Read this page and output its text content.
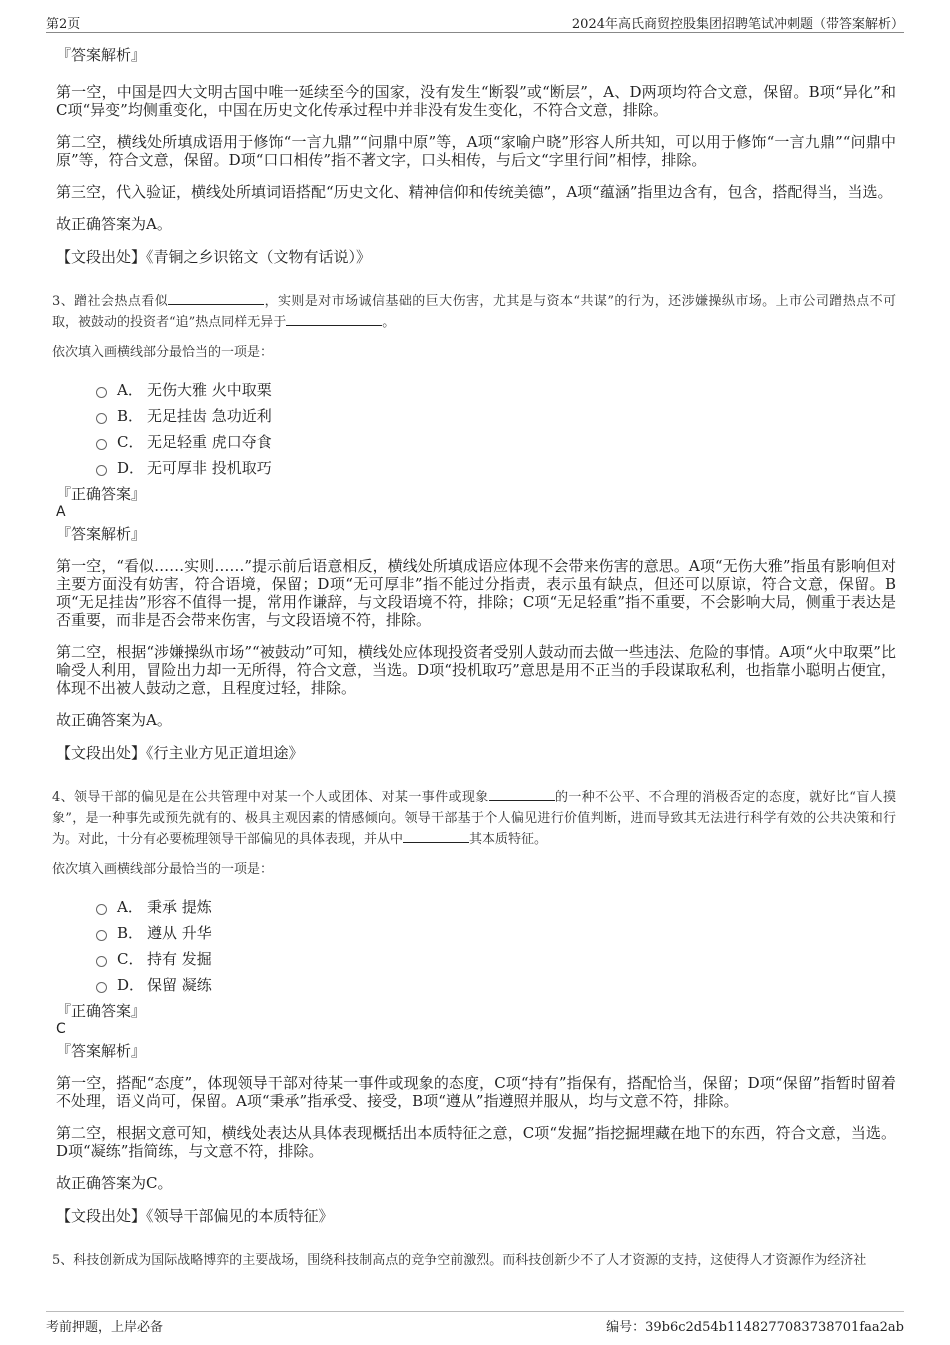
第2页	2024年高氏商贸控股集团招聘笔试冲刺题（带答案解析）
『答案解析』

第一空，中国是四大文明古国中唯一延续至今的国家，没有发生“断裂”或“断层”，A、D两项均符合文意，保留。B项“异化”和C项“异变”均侧重变化，中国在历史文化传承过程中并非没有发生变化，不符合文意，排除。

第二空，横线处所填成语用于修饰“一言九鼎”“问鼎中原”等，A项“家喻户晓”形容人所共知，可以用于修饰“一言九鼎”“问鼎中原”等，符合文意，保留。D项“口口相传”指不著文字，口头相传，与后文“字里行间”相悖，排除。

第三空，代入验证，横线处所填词语搭配“历史文化、精神信仰和传统美德”，A项“蕴涵”指里边含有，包含，搭配得当，当选。

故正确答案为A。

【文段出处】《青铜之乡识铭文（文物有话说）》

3、蹭社会热点看似	，实则是对市场诚信基础的巨大伤害，尤其是与资本“共谋”的行为，还涉嫌操纵市场。上市公司蹭热点不可取，被鼓动的投资者“追”热点同样无异于	。

依次填入画横线部分最恰当的一项是：
A． 无伤大雅 火中取栗
B． 无足挂齿 急功近利
C． 无足轻重 虎口夺食
D． 无可厚非 投机取巧
『正确答案』
A
『答案解析』

第一空，“看似……实则……”提示前后语意相反，横线处所填成语应体现不会带来伤害的意思。A项“无伤大雅”指虽有影响但对主要方面没有妨害，符合语境，保留；D项“无可厚非”指不能过分指责，表示虽有缺点，但还可以原谅，符合文意，保留。B项“无足挂齿”形容不值得一提，常用作谦辞，与文段语境不符，排除；C项“无足轻重”指不重要，不会影响大局，侧重于表达是否重要，而非是否会带来伤害，与文段语境不符，排除。

第二空，根据“涉嫌操纵市场”“被鼓动”可知，横线处应体现投资者受别人鼓动而去做一些违法、危险的事情。A项“火中取栗”比喻受人利用，冒险出力却一无所得，符合文意，当选。D项“投机取巧”意思是用不正当的手段谋取私利，也指靠小聪明占便宜，体现不出被人鼓动之意，且程度过轻，排除。

故正确答案为A。

【文段出处】《行主业方见正道坦途》

4、领导干部的偏见是在公共管理中对某一个人或团体、对某一事件或现象	的一种不公平、不合理的消极否定的态度，就好比“盲人摸象”，是一种事先或预先就有的、极具主观因素的情感倾向。领导干部基于个人偏见进行价值判断，进而导致其无法进行科学有效的公共决策和行为。对此，十分有必要梳理领导干部偏见的具体表现，并从中	其本质特征。

依次填入画横线部分最恰当的一项是：
A． 秉承 提炼
B． 遵从 升华
C． 持有 发掘
D． 保留 凝练
『正确答案』
C
『答案解析』

第一空，搭配“态度”，体现领导干部对待某一事件或现象的态度，C项“持有”指保有，搭配恰当，保留；D项“保留”指暂时留着不处理，语义尚可，保留。A项“秉承”指承受、接受，B项“遵从”指遵照并服从，均与文意不符，排除。

第二空，根据文意可知，横线处表达从具体表现概括出本质特征之意，C项“发掘”指挖掘埋藏在地下的东西，符合文意，当选。D项“凝练”指简练，与文意不符，排除。

故正确答案为C。

【文段出处】《领导干部偏见的本质特征》

5、科技创新成为国际战略博弈的主要战场，围绕科技制高点的竞争空前激烈。而科技创新少不了人才资源的支持，这使得人才资源作为经济社

考前押题，上岸必备	编号：39b6c2d54b1148277083738701faa2ab
